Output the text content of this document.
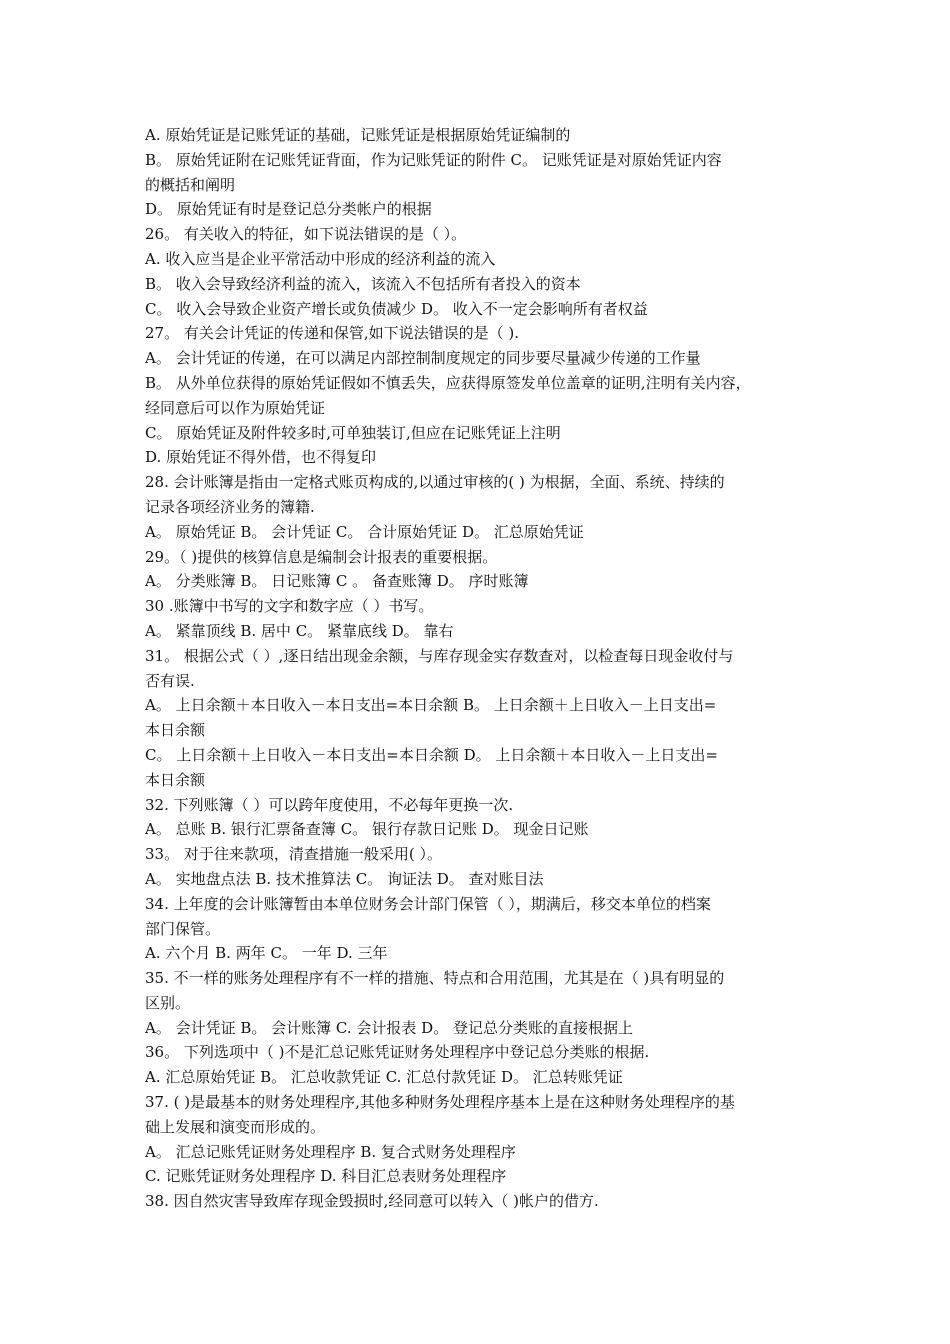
A. 原始凭证是记账凭证的基础，记账凭证是根据原始凭证编制的
B。 原始凭证附在记账凭证背面，作为记账凭证的附件 C。 记账凭证是对原始凭证内容
的概括和阐明
D。 原始凭证有时是登记总分类帐户的根据
26。 有关收入的特征，如下说法错误的是（ ）。
A. 收入应当是企业平常活动中形成的经济利益的流入
B。 收入会导致经济利益的流入，该流入不包括所有者投入的资本
C。 收入会导致企业资产增长或负债减少 D。 收入不一定会影响所有者权益
27。 有关会计凭证的传递和保管,如下说法错误的是（ ).
A。 会计凭证的传递，在可以满足内部控制制度规定的同步要尽量减少传递的工作量
B。 从外单位获得的原始凭证假如不慎丢失，应获得原签发单位盖章的证明,注明有关内容，
经同意后可以作为原始凭证
C。 原始凭证及附件较多时,可单独装订,但应在记账凭证上注明
D. 原始凭证不得外借，也不得复印
28. 会计账簿是指由一定格式账页构成的,以通过审核的( ) 为根据，全面、系统、持续的
记录各项经济业务的簿籍.
A。 原始凭证 B。 会计凭证 C。 合计原始凭证 D。 汇总原始凭证
29。（ )提供的核算信息是编制会计报表的重要根据。
A。 分类账簿 B。 日记账簿 C 。 备查账簿 D。 序时账簿
30 .账簿中书写的文字和数字应（ ）书写。
A。 紧靠顶线 B. 居中 C。 紧靠底线 D。 靠右
31。 根据公式（ ）,逐日结出现金余额，与库存现金实存数查对，以检查每日现金收付与
否有误.
A。 上日余额＋本日收入－本日支出=本日余额 B。 上日余额＋上日收入－上日支出=
本日余额
C。 上日余额＋上日收入－本日支出=本日余额 D。 上日余额＋本日收入－上日支出=
本日余额
32. 下列账簿（ ）可以跨年度使用，不必每年更换一次.
A。 总账 B. 银行汇票备查簿 C。 银行存款日记账 D。 现金日记账
33。 对于往来款项，清查措施一般采用( ）。
A。 实地盘点法 B. 技术推算法 C。 询证法 D。 查对账目法
34. 上年度的会计账簿暂由本单位财务会计部门保管（ ），期满后，移交本单位的档案
部门保管。
A. 六个月 B. 两年 C。 一年 D. 三年
35. 不一样的账务处理程序有不一样的措施、特点和合用范围，尤其是在（ )具有明显的
区别。
A。 会计凭证 B。 会计账簿 C. 会计报表 D。 登记总分类账的直接根据上
36。 下列选项中（ )不是汇总记账凭证财务处理程序中登记总分类账的根据.
A. 汇总原始凭证 B。 汇总收款凭证 C. 汇总付款凭证 D。 汇总转账凭证
37. ( )是最基本的财务处理程序,其他多种财务处理程序基本上是在这种财务处理程序的基
础上发展和演变而形成的。
A。 汇总记账凭证财务处理程序 B. 复合式财务处理程序
C. 记账凭证财务处理程序 D. 科目汇总表财务处理程序
38. 因自然灾害导致库存现金毁损时,经同意可以转入（ )帐户的借方.
